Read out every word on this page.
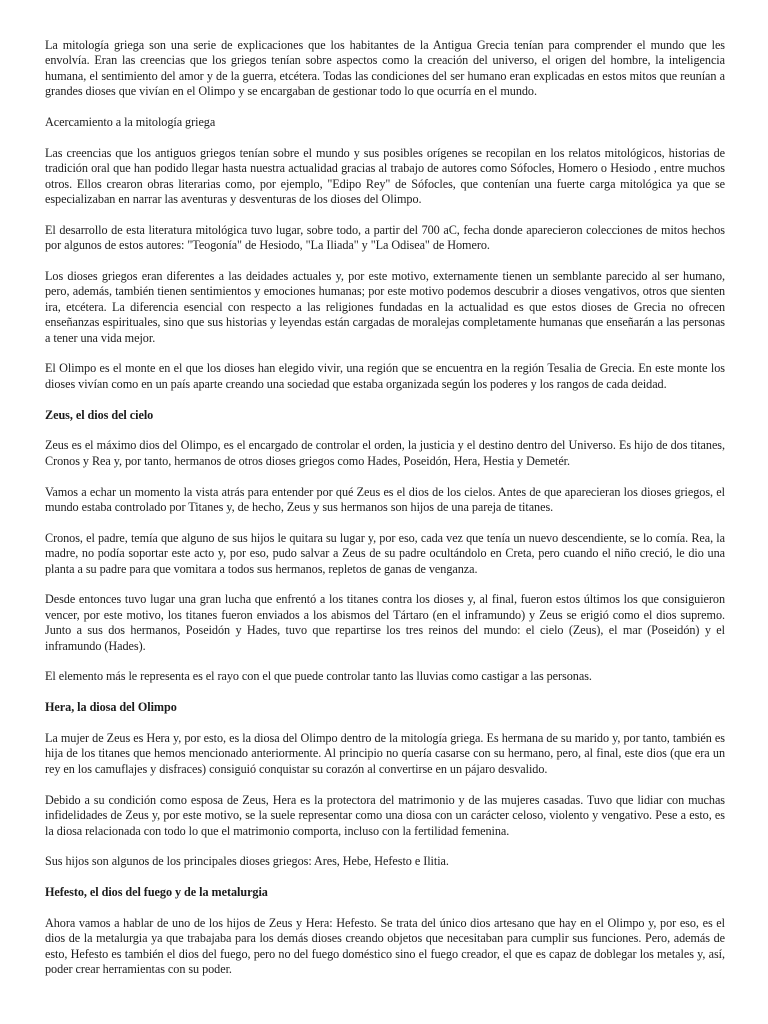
La mitología griega son una serie de explicaciones que los habitantes de la Antigua Grecia tenían para comprender el mundo que les envolvía. Eran las creencias que los griegos tenían sobre aspectos como la creación del universo, el origen del hombre, la inteligencia humana, el sentimiento del amor y de la guerra, etcétera. Todas las condiciones del ser humano eran explicadas en estos mitos que reunían a grandes dioses que vivían en el Olimpo y se encargaban de gestionar todo lo que ocurría en el mundo.

Acercamiento a la mitología griega

Las creencias que los antiguos griegos tenían sobre el mundo y sus posibles orígenes se recopilan en los relatos mitológicos, historias de tradición oral que han podido llegar hasta nuestra actualidad gracias al trabajo de autores como Sófocles, Homero o Hesiodo , entre muchos otros. Ellos crearon obras literarias como, por ejemplo, "Edipo Rey" de Sófocles, que contenían una fuerte carga mitológica ya que se especializaban en narrar las aventuras y desventuras de los dioses del Olimpo.

El desarrollo de esta literatura mitológica tuvo lugar, sobre todo, a partir del 700 aC, fecha donde aparecieron colecciones de mitos hechos por algunos de estos autores: "Teogonía" de Hesiodo, "La Iliada" y "La Odisea" de Homero.

Los dioses griegos eran diferentes a las deidades actuales y, por este motivo, externamente tienen un semblante parecido al ser humano, pero, además, también tienen sentimientos y emociones humanas; por este motivo podemos descubrir a dioses vengativos, otros que sienten ira, etcétera. La diferencia esencial con respecto a las religiones fundadas en la actualidad es que estos dioses de Grecia no ofrecen enseñanzas espirituales, sino que sus historias y leyendas están cargadas de moralejas completamente humanas que enseñarán a las personas a tener una vida mejor.

El Olimpo es el monte en el que los dioses han elegido vivir, una región que se encuentra en la región Tesalia de Grecia. En este monte los dioses vivían como en un país aparte creando una sociedad que estaba organizada según los poderes y los rangos de cada deidad.

Zeus, el dios del cielo

Zeus es el máximo dios del Olimpo, es el encargado de controlar el orden, la justicia y el destino dentro del Universo. Es hijo de dos titanes, Cronos y Rea y, por tanto, hermanos de otros dioses griegos como Hades, Poseidón, Hera, Hestia y Demetér.

Vamos a echar un momento la vista atrás para entender por qué Zeus es el dios de los cielos. Antes de que aparecieran los dioses griegos, el mundo estaba controlado por Titanes y, de hecho, Zeus y sus hermanos son hijos de una pareja de titanes.

Cronos, el padre, temía que alguno de sus hijos le quitara su lugar y, por eso, cada vez que tenía un nuevo descendiente, se lo comía. Rea, la madre, no podía soportar este acto y, por eso, pudo salvar a Zeus de su padre ocultándolo en Creta, pero cuando el niño creció, le dio una planta a su padre para que vomitara a todos sus hermanos, repletos de ganas de venganza.

Desde entonces tuvo lugar una gran lucha que enfrentó a los titanes contra los dioses y, al final, fueron estos últimos los que consiguieron vencer, por este motivo, los titanes fueron enviados a los abismos del Tártaro (en el inframundo) y Zeus se erigió como el dios supremo. Junto a sus dos hermanos, Poseidón y Hades, tuvo que repartirse los tres reinos del mundo: el cielo (Zeus), el mar (Poseidón) y el inframundo (Hades).

El elemento más le representa es el rayo con el que puede controlar tanto las lluvias como castigar a las personas.

Hera, la diosa del Olimpo

La mujer de Zeus es Hera y, por esto, es la diosa del Olimpo dentro de la mitología griega. Es hermana de su marido y, por tanto, también es hija de los titanes que hemos mencionado anteriormente. Al principio no quería casarse con su hermano, pero, al final, este dios (que era un rey en los camuflajes y disfraces) consiguió conquistar su corazón al convertirse en un pájaro desvalido.

Debido a su condición como esposa de Zeus, Hera es la protectora del matrimonio y de las mujeres casadas. Tuvo que lidiar con muchas infidelidades de Zeus y, por este motivo, se la suele representar como una diosa con un carácter celoso, violento y vengativo. Pese a esto, es la diosa relacionada con todo lo que el matrimonio comporta, incluso con la fertilidad femenina.

Sus hijos son algunos de los principales dioses griegos: Ares, Hebe, Hefesto e Ilitia.

Hefesto, el dios del fuego y de la metalurgia

Ahora vamos a hablar de uno de los hijos de Zeus y Hera: Hefesto. Se trata del único dios artesano que hay en el Olimpo y, por eso, es el dios de la metalurgia ya que trabajaba para los demás dioses creando objetos que necesitaban para cumplir sus funciones. Pero, además de esto, Hefesto es también el dios del fuego, pero no del fuego doméstico sino el fuego creador, el que es capaz de doblegar los metales y, así, poder crear herramientas con su poder.
